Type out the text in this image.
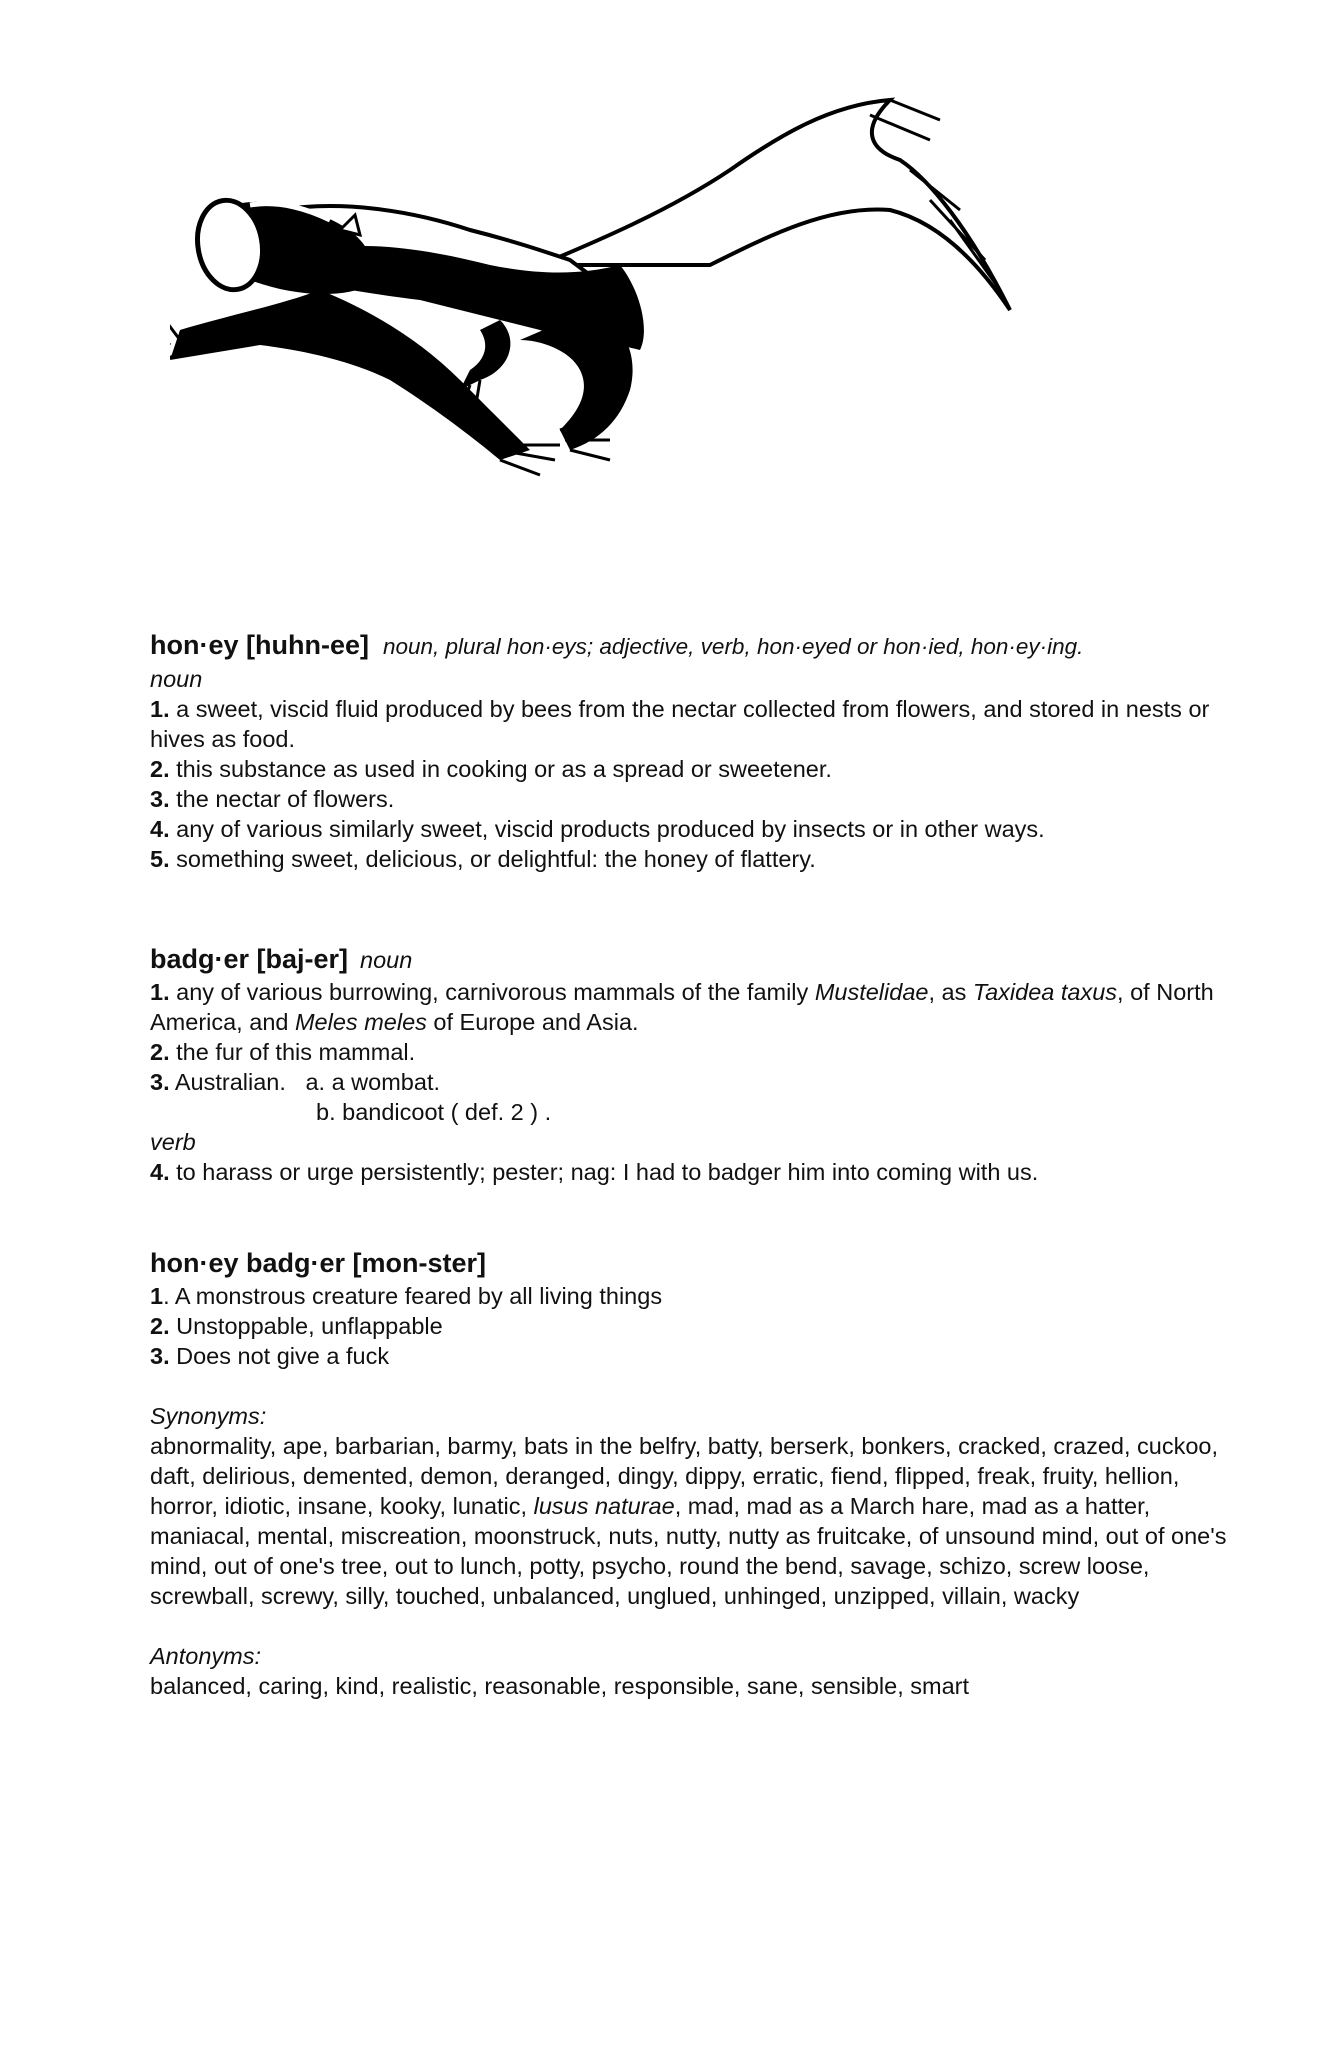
hon·ey [huhn-ee] noun, plural hon·eys; adjective, verb, hon·eyed or hon·ied, hon·ey·ing.

noun

1. a sweet, viscid fluid produced by bees from the nectar collected from flowers, and stored in nests or hives as food.

2. this substance as used in cooking or as a spread or sweetener.

3. the nectar of flowers.

4. any of various similarly sweet, viscid products produced by insects or in other ways.

5. something sweet, delicious, or delightful: the honey of flattery.

badg·er [baj-er] noun

1. any of various burrowing, carnivorous mammals of the family Mustelidae, as Taxidea taxus, of North America, and Meles meles of Europe and Asia.

2. the fur of this mammal.

3. Australian.   a. a wombat.

b. bandicoot ( def. 2 ) .

verb

4. to harass or urge persistently; pester; nag: I had to badger him into coming with us.

hon·ey badg·er [mon-ster]

1. A monstrous creature feared by all living things

2. Unstoppable, unflappable

3. Does not give a fuck

Synonyms:

abnormality, ape, barbarian, barmy, bats in the belfry, batty, berserk, bonkers, cracked, crazed, cuckoo, daft, delirious, demented, demon, deranged, dingy, dippy, erratic, fiend, flipped, freak, fruity, hellion, horror, idiotic, insane, kooky, lunatic, lusus naturae, mad, mad as a March hare, mad as a hatter, maniacal, mental, miscreation, moonstruck, nuts, nutty, nutty as fruitcake, of unsound mind, out of one's mind, out of one's tree, out to lunch, potty, psycho, round the bend, savage, schizo, screw loose, screwball, screwy, silly, touched, unbalanced, unglued, unhinged, unzipped, villain, wacky

Antonyms:

balanced, caring, kind, realistic, reasonable, responsible, sane, sensible, smart
